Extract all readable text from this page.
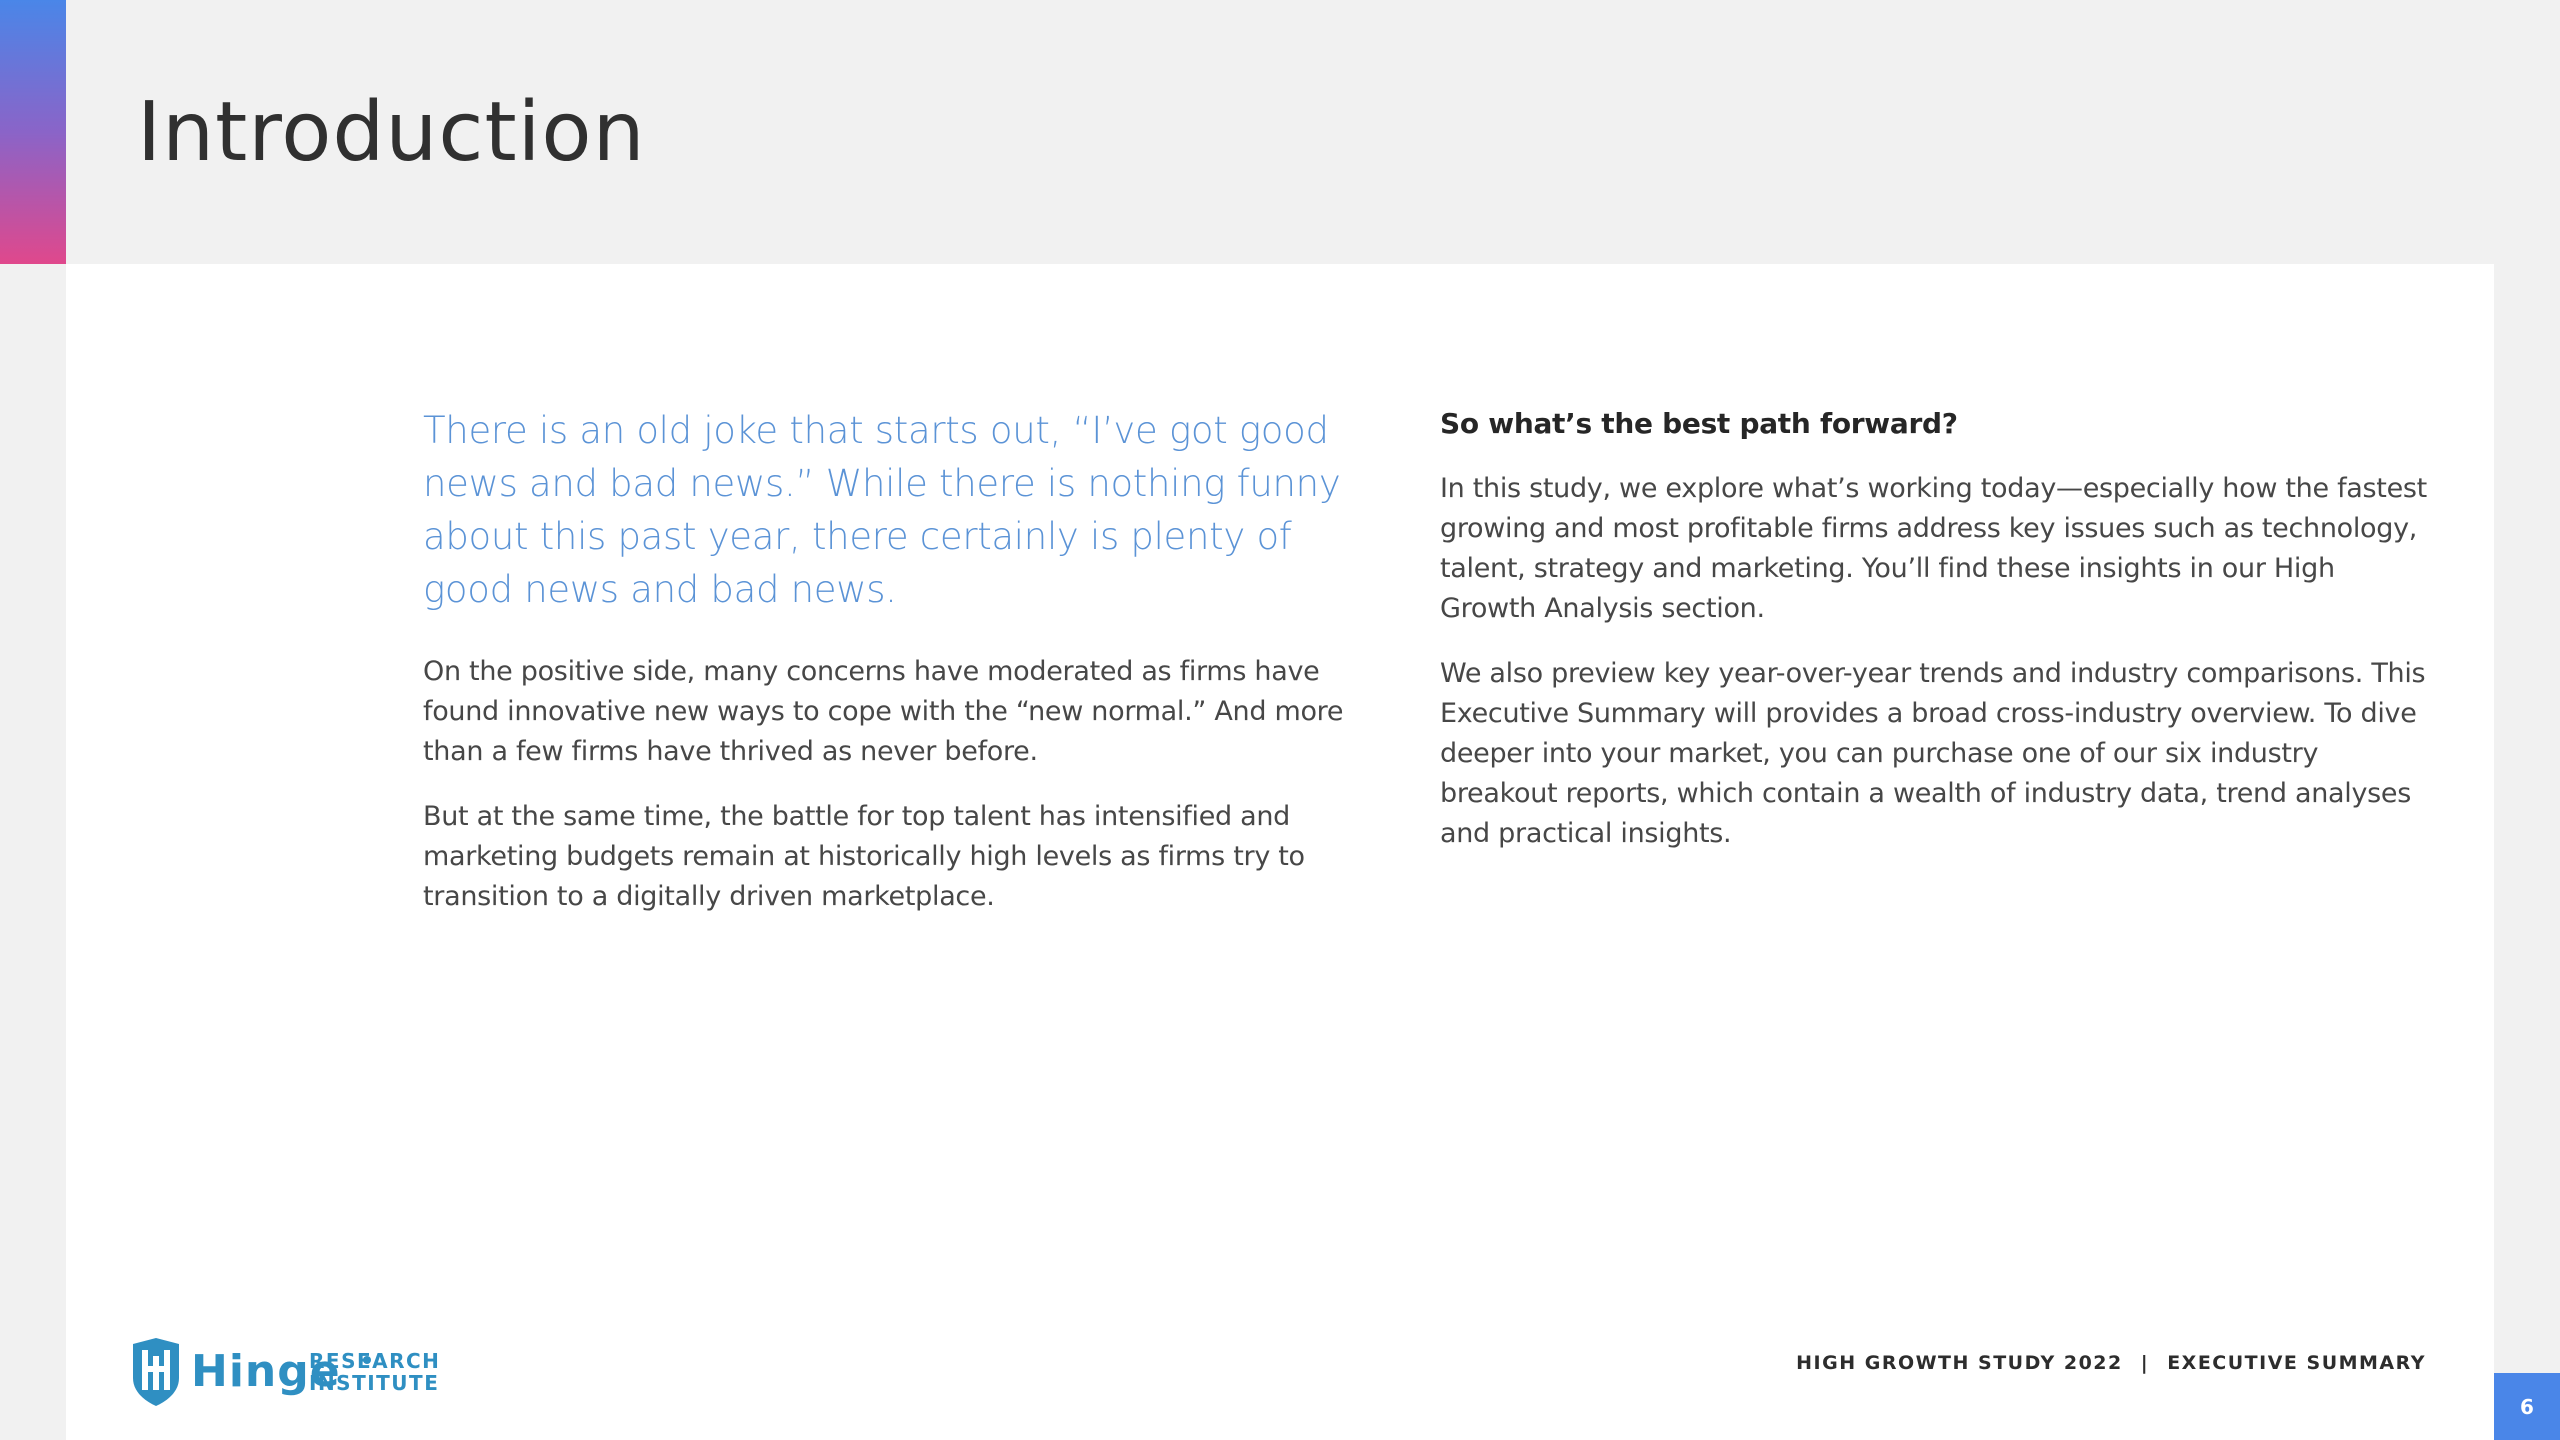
Introduction

There is an old joke that starts out, “I’ve got good news and bad news.” While there is nothing funny about this past year, there certainly is plenty of good news and bad news.

On the positive side, many concerns have moderated as firms have found innovative new ways to cope with the “new normal.” And more than a few firms have thrived as never before.

But at the same time, the battle for top talent has intensified and marketing budgets remain at historically high levels as firms try to transition to a digitally driven marketplace.

So what’s the best path forward?

In this study, we explore what’s working today—especially how the fastest growing and most profitable firms address key issues such as technology, talent, strategy and marketing. You’ll find these insights in our High Growth Analysis section.

We also preview key year-over-year trends and industry comparisons. This Executive Summary will provides a broad cross-industry overview. To dive deeper into your market, you can purchase one of our six industry breakout reports, which contain a wealth of industry data, trend analyses and practical insights.

Hinge
RESEARCH
INSTITUTE
HIGH GROWTH STUDY 2022 | EXECUTIVE SUMMARY
6
